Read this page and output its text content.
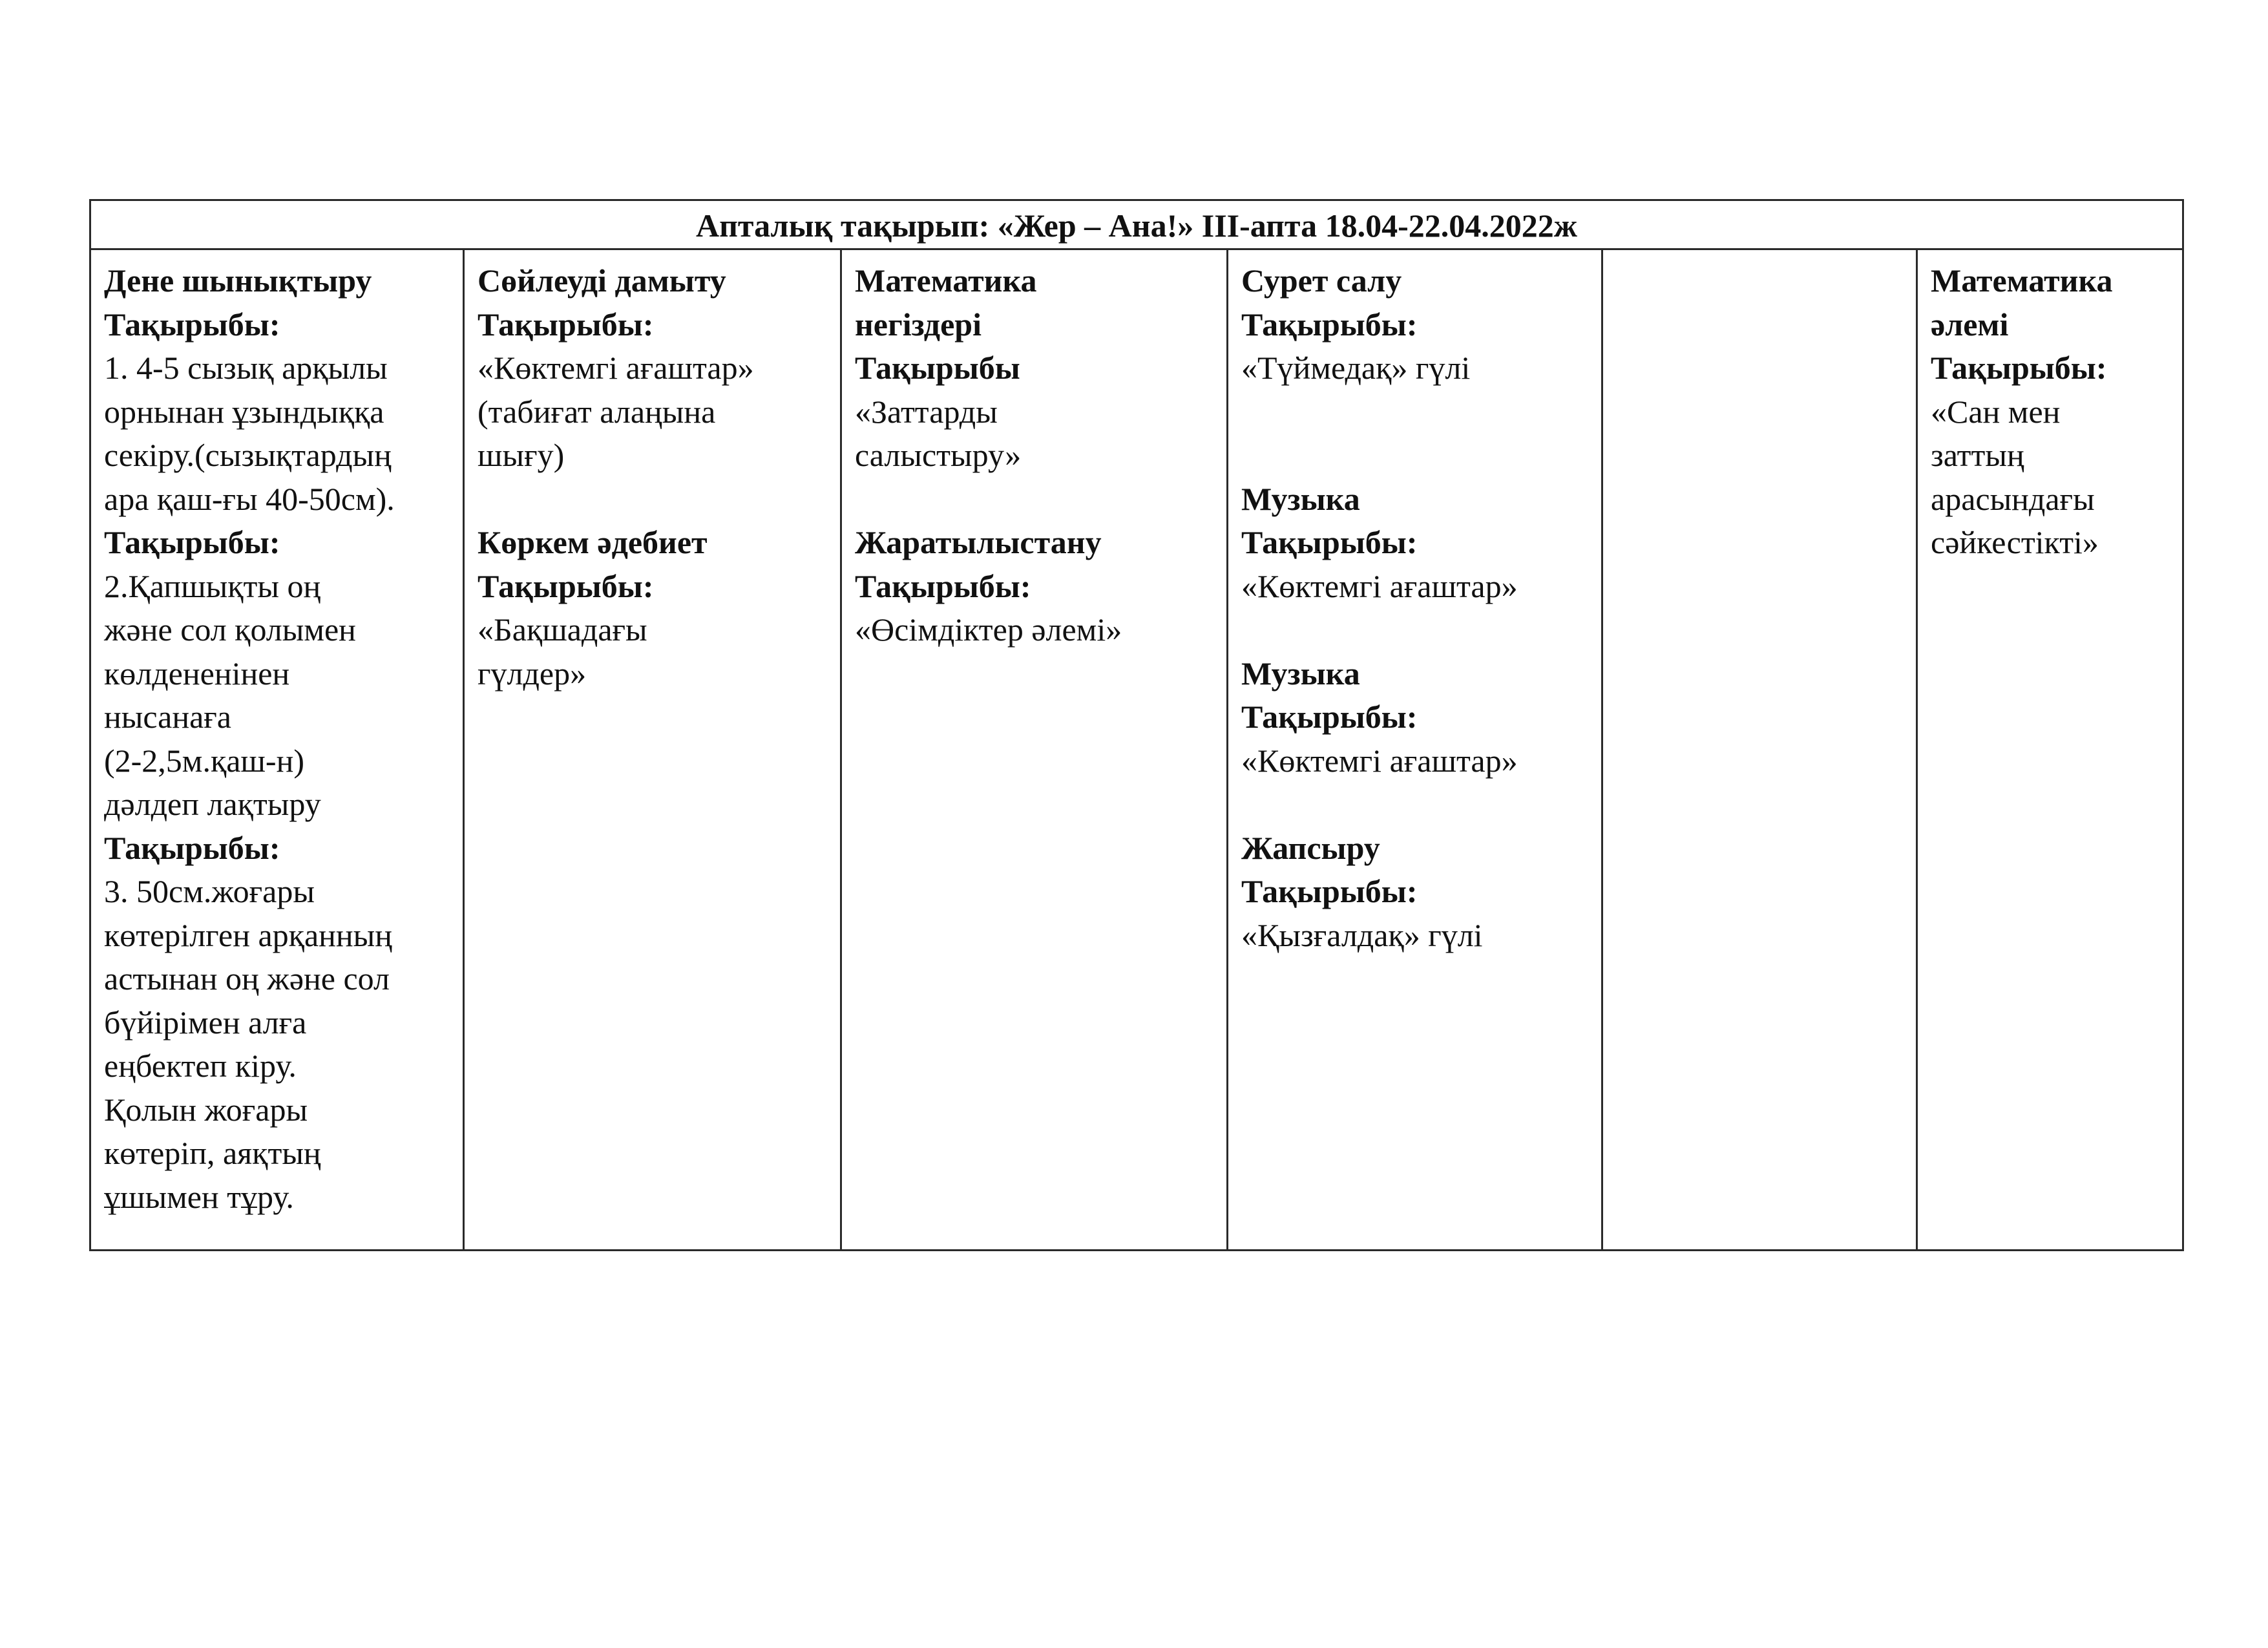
Апталық тақырып: «Жер – Ана!» ІІІ-апта 18.04-22.04.2022ж
Дене шынықтыру
Тақырыбы:
1. 4-5 сызық арқылы
орнынан ұзындыққа
секіру.(сызықтардың
ара қаш-ғы 40-50см).
Тақырыбы:
2.Қапшықты оң
және сол қолымен
көлдененінен
нысанаға
(2-2,5м.қаш-н)
дәлдеп лақтыру
Тақырыбы:
3. 50см.жоғары
көтерілген арқанның
астынан оң және сол
бүйірімен алға
еңбектеп кіру.
Қолын жоғары
көтеріп, аяқтың
ұшымен тұру.
Сөйлеуді дамыту
Тақырыбы:
«Көктемгі ағаштар»
(табиғат алаңына
шығу)
Көркем әдебиет
Тақырыбы:
«Бақшадағы
гүлдер»
Математика
негіздері
Тақырыбы
«Заттарды
салыстыру»
Жаратылыстану
Тақырыбы:
«Өсімдіктер әлемі»
Сурет салу
Тақырыбы:
«Түймедақ» гүлі
Музыка
Тақырыбы:
«Көктемгі ағаштар»
Музыка
Тақырыбы:
«Көктемгі ағаштар»
Жапсыру
Тақырыбы:
«Қызғалдақ» гүлі
Математика
әлемі
Тақырыбы:
«Сан мен
заттың
арасындағы
сәйкестікті»
